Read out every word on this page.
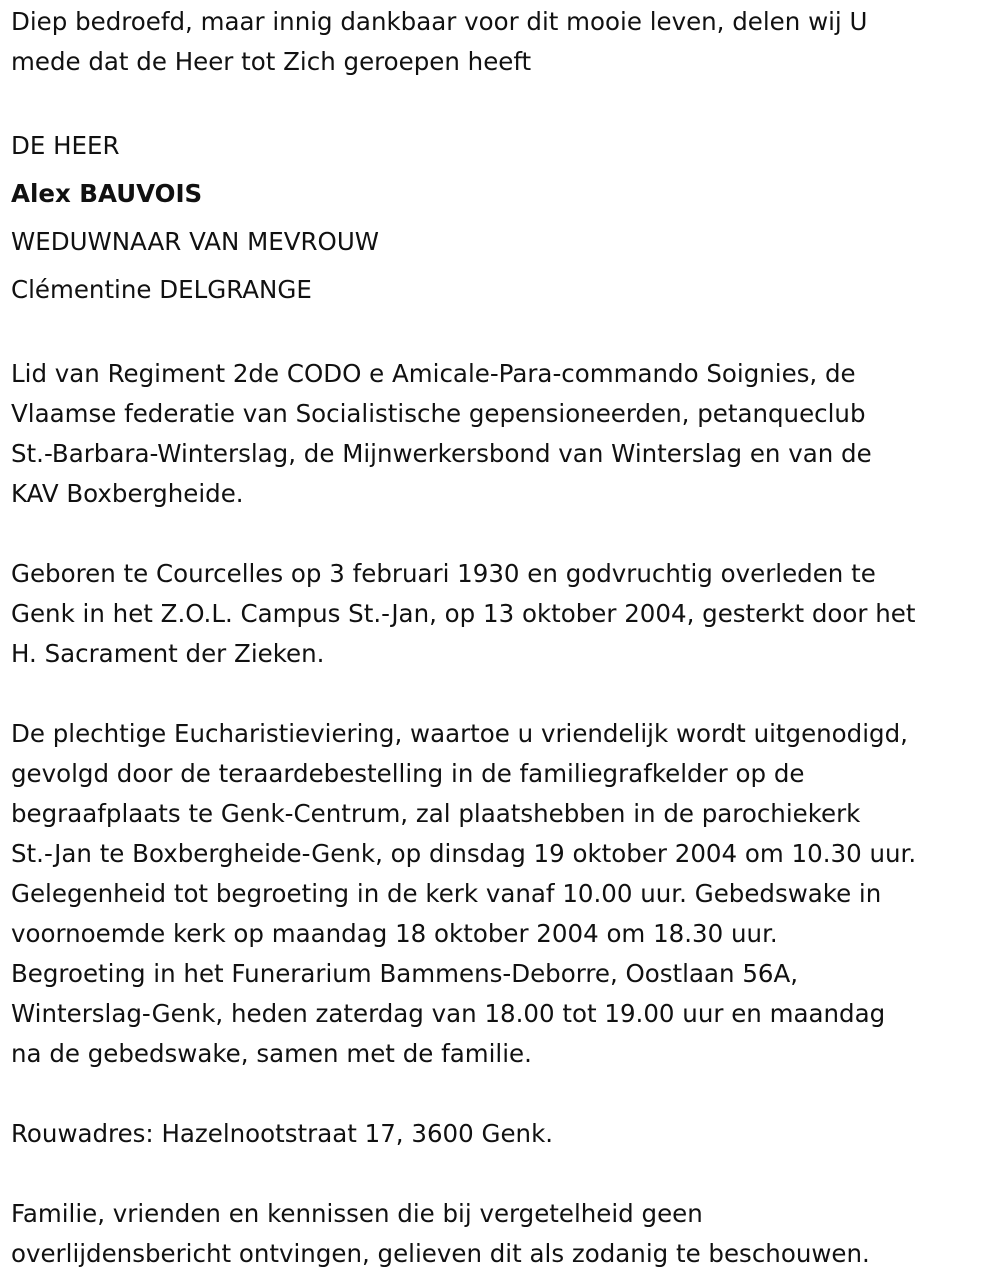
Diep bedroefd, maar innig dankbaar voor dit mooie leven, delen wij U
mede dat de Heer tot Zich geroepen heeft

DE HEER

Alex BAUVOIS

WEDUWNAAR VAN MEVROUW

Clémentine DELGRANGE

Lid van Regiment 2de CODO e Amicale-Para-commando Soignies, de
Vlaamse federatie van Socialistische gepensioneerden, petanqueclub
St.-Barbara-Winterslag, de Mijnwerkersbond van Winterslag en van de
KAV Boxbergheide.

Geboren te Courcelles op 3 februari 1930 en godvruchtig overleden te
Genk in het Z.O.L. Campus St.-Jan, op 13 oktober 2004, gesterkt door het
H. Sacrament der Zieken.

De plechtige Eucharistieviering, waartoe u vriendelijk wordt uitgenodigd,
gevolgd door de teraardebestelling in de familiegrafkelder op de
begraafplaats te Genk-Centrum, zal plaatshebben in de parochiekerk
St.-Jan te Boxbergheide-Genk, op dinsdag 19 oktober 2004 om 10.30 uur.
Gelegenheid tot begroeting in de kerk vanaf 10.00 uur. Gebedswake in
voornoemde kerk op maandag 18 oktober 2004 om 18.30 uur.
Begroeting in het Funerarium Bammens-Deborre, Oostlaan 56A,
Winterslag-Genk, heden zaterdag van 18.00 tot 19.00 uur en maandag
na de gebedswake, samen met de familie.

Rouwadres: Hazelnootstraat 17, 3600 Genk.

Familie, vrienden en kennissen die bij vergetelheid geen
overlijdensbericht ontvingen, gelieven dit als zodanig te beschouwen.
